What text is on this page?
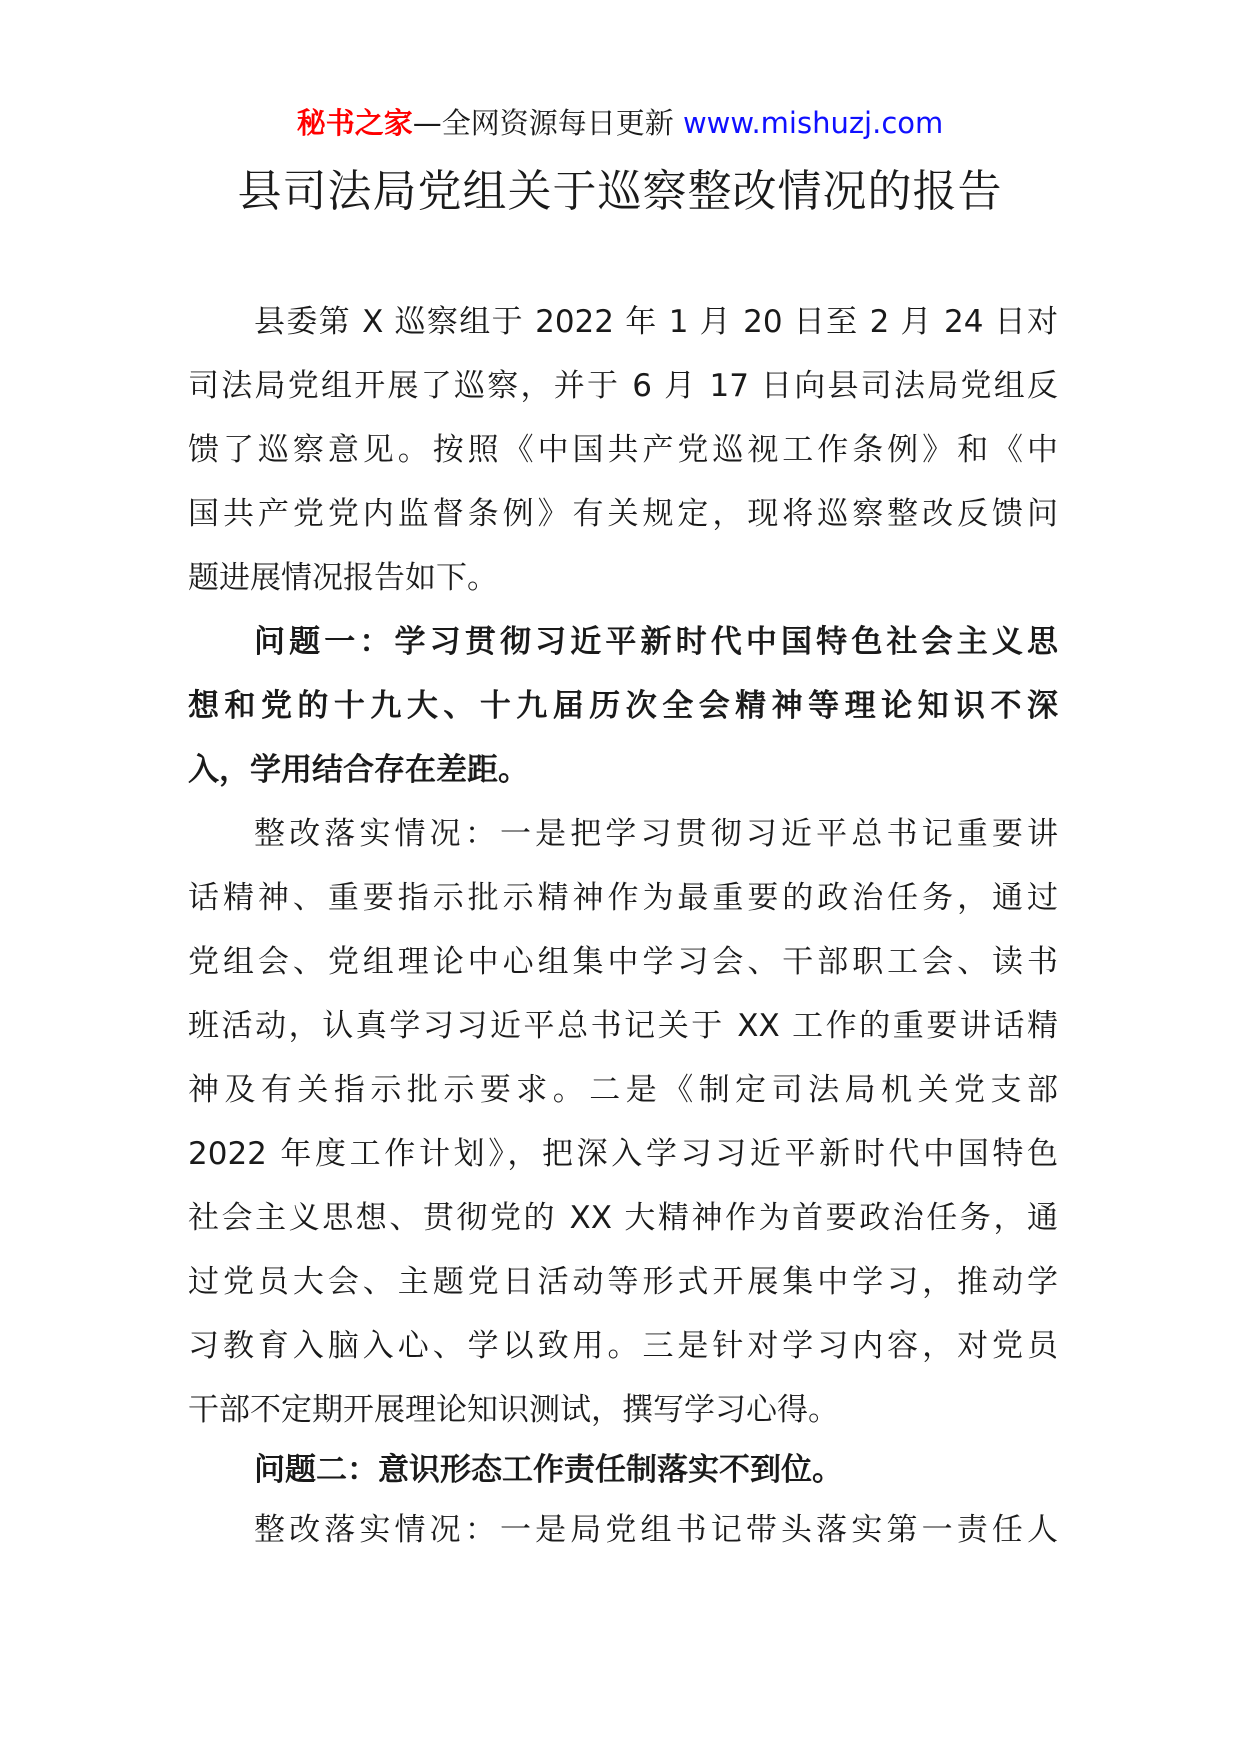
秘书之家—全网资源每日更新 www.mishuzj.com
县司法局党组关于巡察整改情况的报告
县委第 X 巡察组于 2022 年 1 月 20 日至 2 月 24 日对
司法局党组开展了巡察，并于 6 月 17 日向县司法局党组反
馈了巡察意见。按照《中国共产党巡视工作条例》和《中
国共产党党内监督条例》有关规定，现将巡察整改反馈问
题进展情况报告如下。
问题一：学习贯彻习近平新时代中国特色社会主义思
想和党的十九大、十九届历次全会精神等理论知识不深
入，学用结合存在差距。
整改落实情况：一是把学习贯彻习近平总书记重要讲
话精神、重要指示批示精神作为最重要的政治任务，通过
党组会、党组理论中心组集中学习会、干部职工会、读书
班活动，认真学习习近平总书记关于 XX 工作的重要讲话精
神及有关指示批示要求。二是《制定司法局机关党支部
2022 年度工作计划》，把深入学习习近平新时代中国特色
社会主义思想、贯彻党的 XX 大精神作为首要政治任务，通
过党员大会、主题党日活动等形式开展集中学习，推动学
习教育入脑入心、学以致用。三是针对学习内容，对党员
干部不定期开展理论知识测试，撰写学习心得。
问题二：意识形态工作责任制落实不到位。
整改落实情况：一是局党组书记带头落实第一责任人
